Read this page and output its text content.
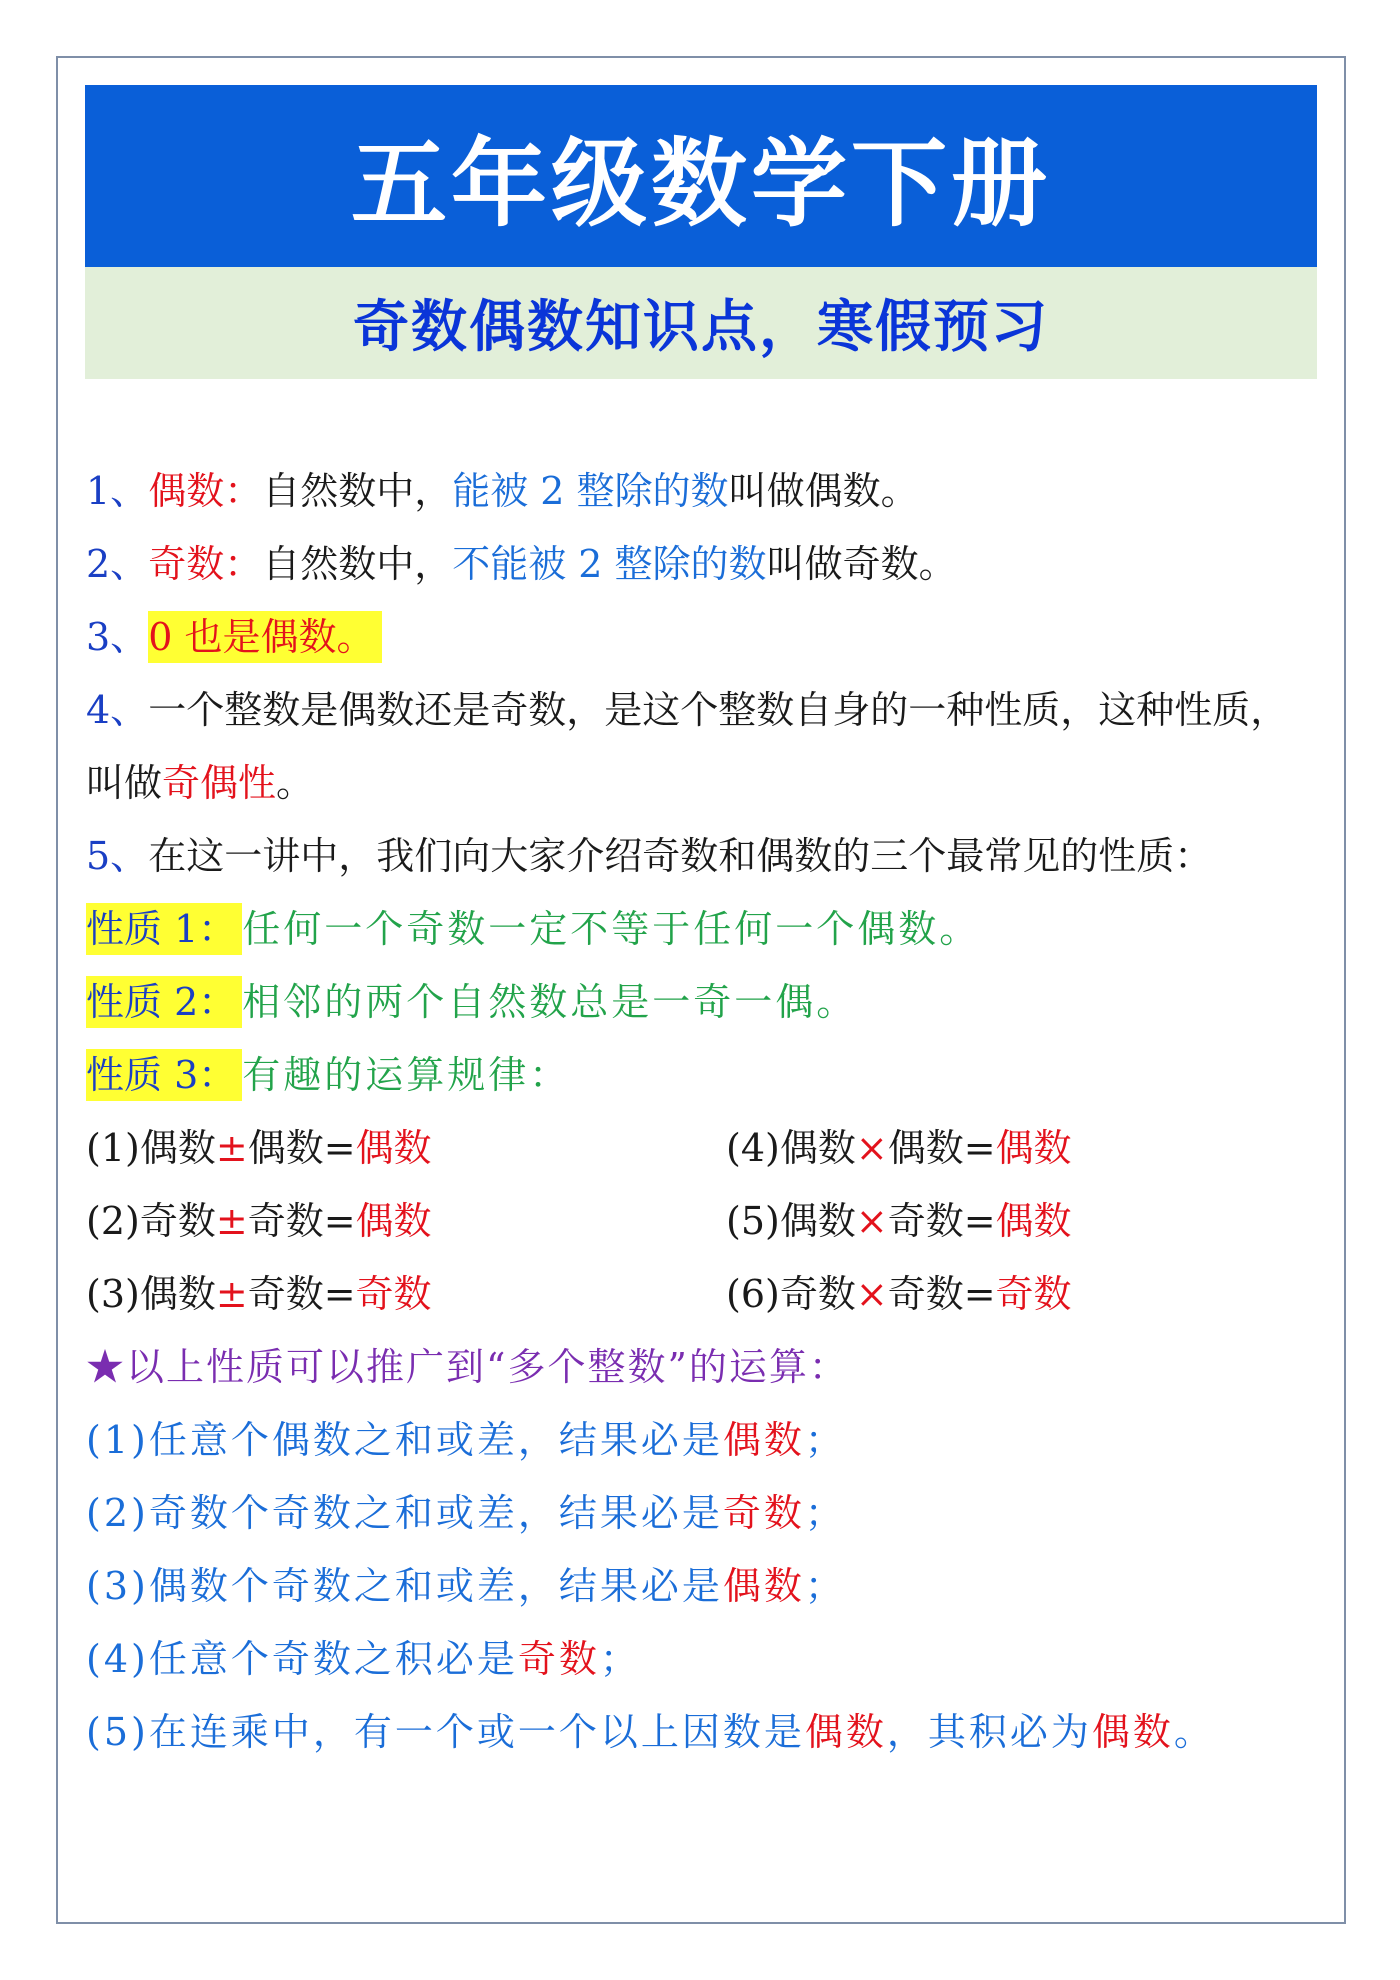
五年级数学下册
奇数偶数知识点，寒假预习
1、偶数：自然数中，能被 2 整除的数叫做偶数。
2、奇数：自然数中，不能被 2 整除的数叫做奇数。
3、0 也是偶数。
4、一个整数是偶数还是奇数，是这个整数自身的一种性质，这种性质，叫做奇偶性。
5、在这一讲中，我们向大家介绍奇数和偶数的三个最常见的性质：
性质 1： 任何一个奇数一定不等于任何一个偶数。
性质 2： 相邻的两个自然数总是一奇一偶。
性质 3： 有趣的运算规律：
(1)偶数±偶数=偶数	(4)偶数×偶数=偶数
(2)奇数±奇数=偶数	(5)偶数×奇数=偶数
(3)偶数±奇数=奇数	(6)奇数×奇数=奇数
★以上性质可以推广到“多个整数”的运算：
(1)任意个偶数之和或差，结果必是偶数；
(2)奇数个奇数之和或差，结果必是奇数；
(3)偶数个奇数之和或差，结果必是偶数；
(4)任意个奇数之积必是奇数；
(5)在连乘中，有一个或一个以上因数是偶数，其积必为偶数。
